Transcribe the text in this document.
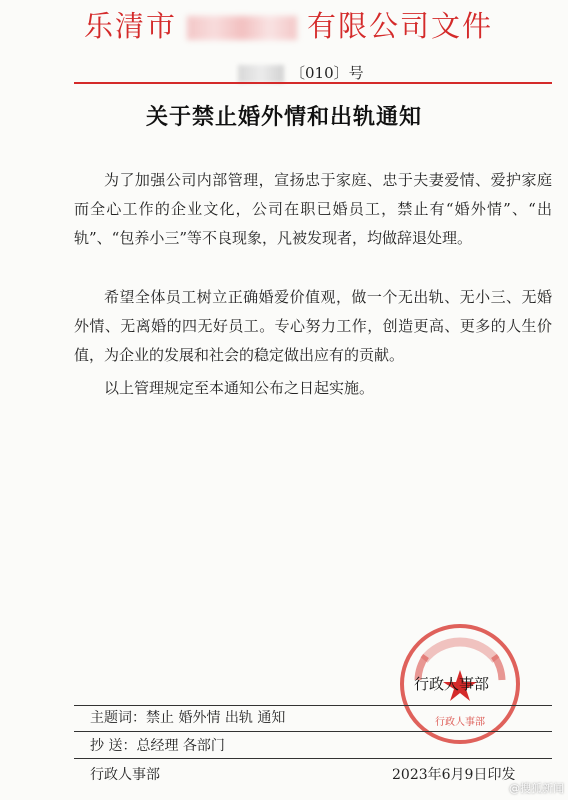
乐清市	有限公司文件
〔010〕号
关于禁止婚外情和出轨通知
为了加强公司内部管理，宣扬忠于家庭、忠于夫妻爱情、爱护家庭而全心工作的企业文化，公司在职已婚员工，禁止有“婚外情”、“出轨”、“包养小三”等不良现象，凡被发现者，均做辞退处理。
希望全体员工树立正确婚爱价值观，做一个无出轨、无小三、无婚外情、无离婚的四无好员工。专心努力工作，创造更高、更多的人生价值，为企业的发展和社会的稳定做出应有的贡献。
以上管理规定至本通知公布之日起实施。
行政人事部
行政人事部
主题词：禁止 婚外情 出轨 通知
抄 送：总经理 各部门
行政人事部	2023年6月9日印发
@搜狐新闻
